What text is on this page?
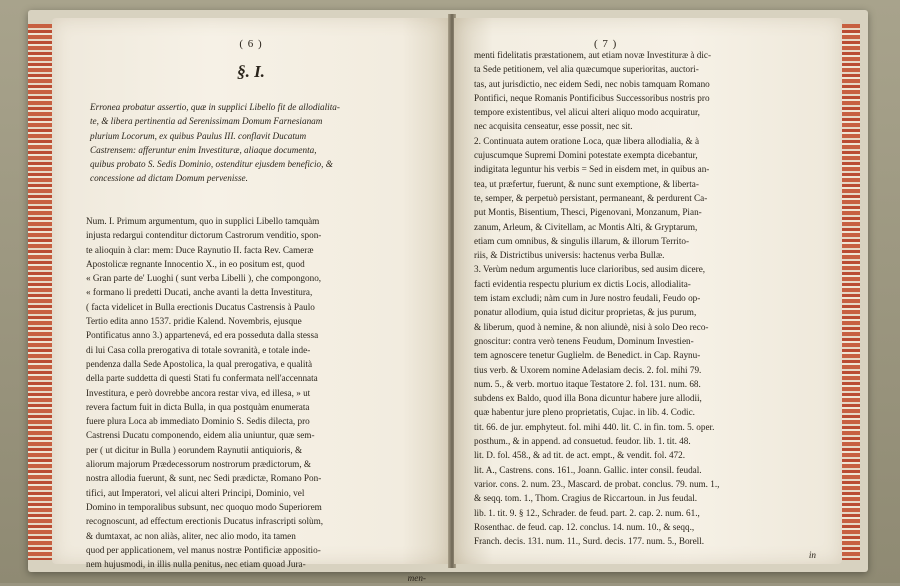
( 6 )
§. I.
Erronea probatur assertio, quæ in supplici Libello fit de allodialita-
te, & libera pertinentia ad Serenissimam Domum Farnesianam
plurium Locorum, ex quibus Paulus III. conflavit Ducatum
Castrensem: afferuntur enim Investituræ, aliaque documenta,
quibus probato S. Sedis Dominio, ostenditur ejusdem beneficio, &
concessione ad dictam Domum pervenisse.
Num. I. Primum argumentum, quo in supplici Libello tamquàm
injusta redargui contenditur dictorum Castrorum venditio, spon-
te alioquin à clar: mem: Duce Raynutio II. facta Rev. Cameræ
Apostolicæ regnante Innocentio X., in eo positum est, quod
« Gran parte de' Luoghi ( sunt verba Libelli ), che compongono,
« formano li predetti Ducati, anche avanti la detta Investitura,
( facta videlicet in Bulla erectionis Ducatus Castrensis à Paulo
Tertio edita anno 1537. pridie Kalend. Novembris, ejusque
Pontificatus anno 3.) appartenevá, ed era posseduta dalla stessa
di lui Casa colla prerogativa di totale sovranità, e totale inde-
pendenza dalla Sede Apostolica, la qual prerogativa, e qualità
della parte suddetta di questi Stati fu confermata nell'accennata
Investitura, e però dovrebbe ancora restar viva, ed illesa, » ut
revera factum fuit in dicta Bulla, in qua postquàm enumerata
fuere plura Loca ab immediato Dominio S. Sedis dilecta, pro
Castrensi Ducatu componendo, eidem alia uniuntur, quæ sem-
per ( ut dicitur in Bulla ) eorundem Raynutii antiquioris, &
aliorum majorum Prædecessorum nostrorum prædictorum, &
nostra allodia fuerunt, & sunt, nec Sedi prædictæ, Romano Pon-
tifici, aut Imperatori, vel alicui alteri Principi, Dominio, vel
Domino in temporalibus subsunt, nec quoquo modo Superiorem
recognoscunt, ad effectum erectionis Ducatus infrascripti solùm,
& dumtaxat, ac non aliàs, aliter, nec alio modo, ita tamen
quod per applicationem, vel manus nostræ Pontificiæ appositio-
nem hujusmodi, in illis nulla penitus, nec etiam quoad Jura-
men-
( 7 )
menti fidelitatis præstationem, aut etiam novæ Investituræ à dic-
ta Sede petitionem, vel alia quæcumque superioritas, auctori-
tas, aut jurisdictio, nec eidem Sedi, nec nobis tamquam Romano
Pontifici, neque Romanis Pontificibus Successoribus nostris pro
tempore existentibus, vel alicui alteri aliquo modo acquiratur,
nec acquisita censeatur, esse possit, nec sit.
2. Continuata autem oratione Loca, quæ libera allodialia, & à
cujuscumque Supremi Domini potestate exempta dicebantur,
indigitata leguntur his verbis = Sed in eisdem met, in quibus an-
tea, ut præfertur, fuerunt, & nunc sunt exemptione, & liberta-
te, semper, & perpetuò persistant, permaneant, & perdurent Ca-
put Montis, Bisentium, Thesci, Pigenovani, Monzanum, Pian-
zanum, Arleum, & Civitellam, ac Montis Alti, & Gryptarum,
etiam cum omnibus, & singulis illarum, & illorum Territo-
riis, & Districtibus universis: hactenus verba Bullæ.
3. Verùm nedum argumentis luce clarioribus, sed ausim dicere,
facti evidentia respectu plurium ex dictis Locis, allodialita-
tem istam excludi; nàm cum in Jure nostro feudali, Feudo op-
ponatur allodium, quia istud dicitur proprietas, & jus purum,
& liberum, quod à nemine, & non aliundè, nisi à solo Deo reco-
gnoscitur: contra verò tenens Feudum, Dominum Investien-
tem agnoscere tenetur Guglielm. de Benedict. in Cap. Raynu-
tius verb. & Uxorem nomine Adelasiam decis. 2. fol. mihi 79.
num. 5., & verb. mortuo itaque Testatore 2. fol. 131. num. 68.
subdens ex Baldo, quod illa Bona dicuntur habere jure allodii,
quæ habentur jure pleno proprietatis, Cujac. in lib. 4. Codic.
tit. 66. de jur. emphyteut. fol. mihi 440. lit. C. in fin. tom. 5. oper.
posthum., & in append. ad consuetud. feudor. lib. 1. tit. 48.
lit. D. fol. 458., & ad tit. de act. empt., & vendit. fol. 472.
lit. A., Castrens. cons. 161., Joann. Gallic. inter consil. feudal.
varior. cons. 2. num. 23., Mascard. de probat. conclus. 79. num. 1.,
& seqq. tom. 1., Thom. Cragius de Riccartoun. in Jus feudal.
lib. 1. tit. 9. § 12., Schrader. de feud. part. 2. cap. 2. num. 61.,
Rosenthac. de feud. cap. 12. conclus. 14. num. 10., & seqq.,
Franch. decis. 131. num. 11., Surd. decis. 177. num. 5., Borell.
in
